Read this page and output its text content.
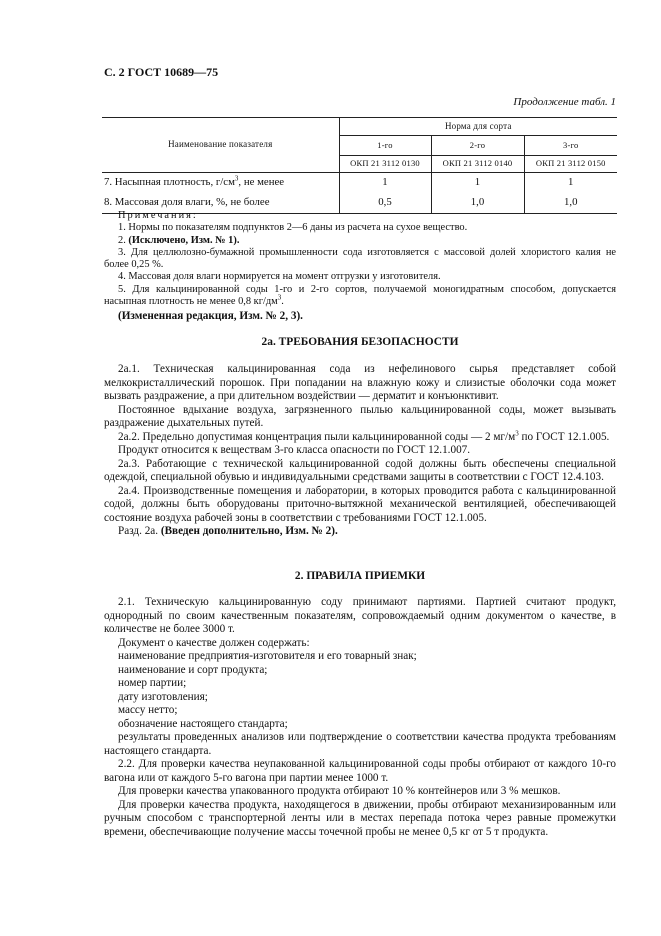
С. 2 ГОСТ 10689—75
Продолжение табл. 1
Наименование показателя	Норма для сорта		
	1-го	2-го	3-го
	ОКП 21 3112 0130	ОКП 21 3112 0140	ОКП 21 3112 0150
7. Насыпная плотность, $г/см^3$, не менее	1	1	1
8. Массовая доля влаги, %, не более	0,5	1,0	1,0

Примечания:

1. Нормы по показателям подпунктов 2—6 даны из расчета на сухое вещество.

2. (Исключено, Изм. № 1).

3. Для целлюлозно-бумажной промышленности сода изготовляется с массовой долей хлористого калия не более 0,25 %.

4. Массовая доля влаги нормируется на момент отгрузки у изготовителя.

5. Для кальцинированной соды 1-го и 2-го сортов, получаемой моногидратным способом, допускается насыпная плотность не менее 0,8 $кг/дм^3$.

(Измененная редакция, Изм. № 2, 3).
2а. ТРЕБОВАНИЯ БЕЗОПАСНОСТИ

2а.1. Техническая кальцинированная сода из нефелинового сырья представляет собой мелкокристаллический порошок. При попадании на влажную кожу и слизистые оболочки сода может вызвать раздражение, а при длительном воздействии — дерматит и конъюнктивит.

Постоянное вдыхание воздуха, загрязненного пылью кальцинированной соды, может вызывать раздражение дыхательных путей.

2а.2. Предельно допустимая концентрация пыли кальцинированной соды — 2 $мг/м^3$ по ГОСТ 12.1.005.

Продукт относится к веществам 3-го класса опасности по ГОСТ 12.1.007.

2а.3. Работающие с технической кальцинированной содой должны быть обеспечены специальной одеждой, специальной обувью и индивидуальными средствами защиты в соответствии с ГОСТ 12.4.103.

2а.4. Производственные помещения и лаборатории, в которых проводится работа с кальцинированной содой, должны быть оборудованы приточно-вытяжной механической вентиляцией, обеспечивающей состояние воздуха рабочей зоны в соответствии с требованиями ГОСТ 12.1.005.

Разд. 2а. (Введен дополнительно, Изм. № 2).

2. ПРАВИЛА ПРИЕМКИ

2.1. Техническую кальцинированную соду принимают партиями. Партией считают продукт, однородный по своим качественным показателям, сопровождаемый одним документом о качестве, в количестве не более 3000 т.

Документ о качестве должен содержать:

наименование предприятия-изготовителя и его товарный знак;

наименование и сорт продукта;

номер партии;

дату изготовления;

массу нетто;

обозначение настоящего стандарта;

результаты проведенных анализов или подтверждение о соответствии качества продукта требованиям настоящего стандарта.

2.2. Для проверки качества неупакованной кальцинированной соды пробы отбирают от каждого 10-го вагона или от каждого 5-го вагона при партии менее 1000 т.

Для проверки качества упакованного продукта отбирают 10 % контейнеров или 3 % мешков.

Для проверки качества продукта, находящегося в движении, пробы отбирают механизированным или ручным способом с транспортерной ленты или в местах перепада потока через равные промежутки времени, обеспечивающие получение массы точечной пробы не менее 0,5 кг от 5 т продукта.
